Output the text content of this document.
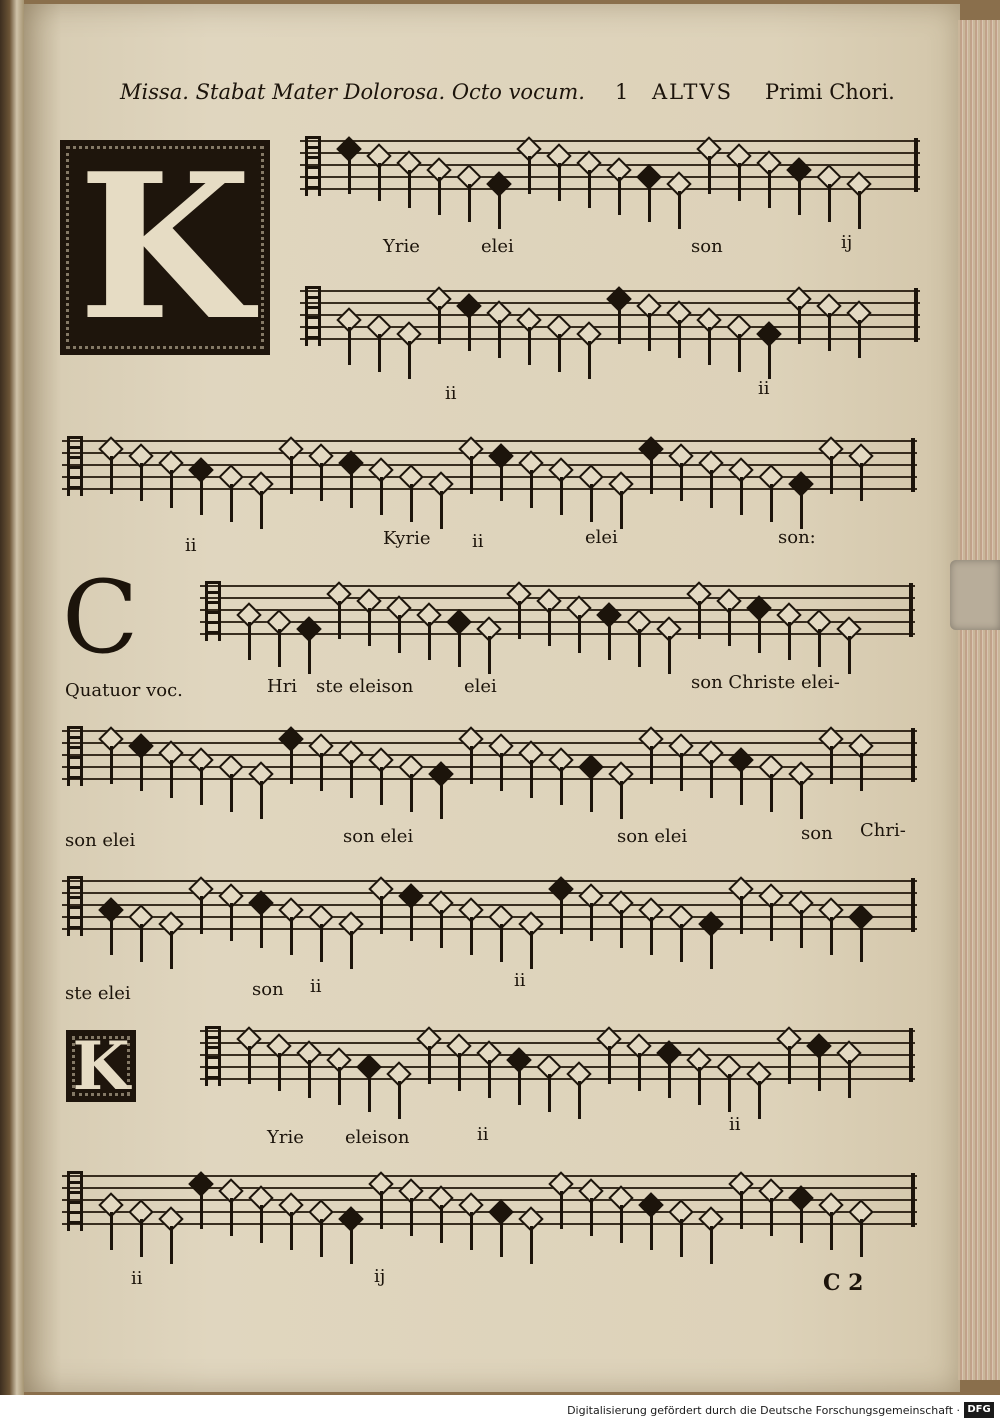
Missa. Stabat Mater Dolorosa. Octo vocum. 1 ALTVS Primi Chori.
K
C
K
Yrie	elei	son	ij
ii	ii
ii	Kyrie ii	elei	son:
Quatuor voc.	Hri ste eleison	elei	son Christe elei-
son elei	son elei	son elei	son Chri-
ste elei	son ii	ii
Yrie eleison	ii	ii
ii	ij	C 2
Digitalisierung gefördert durch die Deutsche Forschungsgemeinschaft · DFG
